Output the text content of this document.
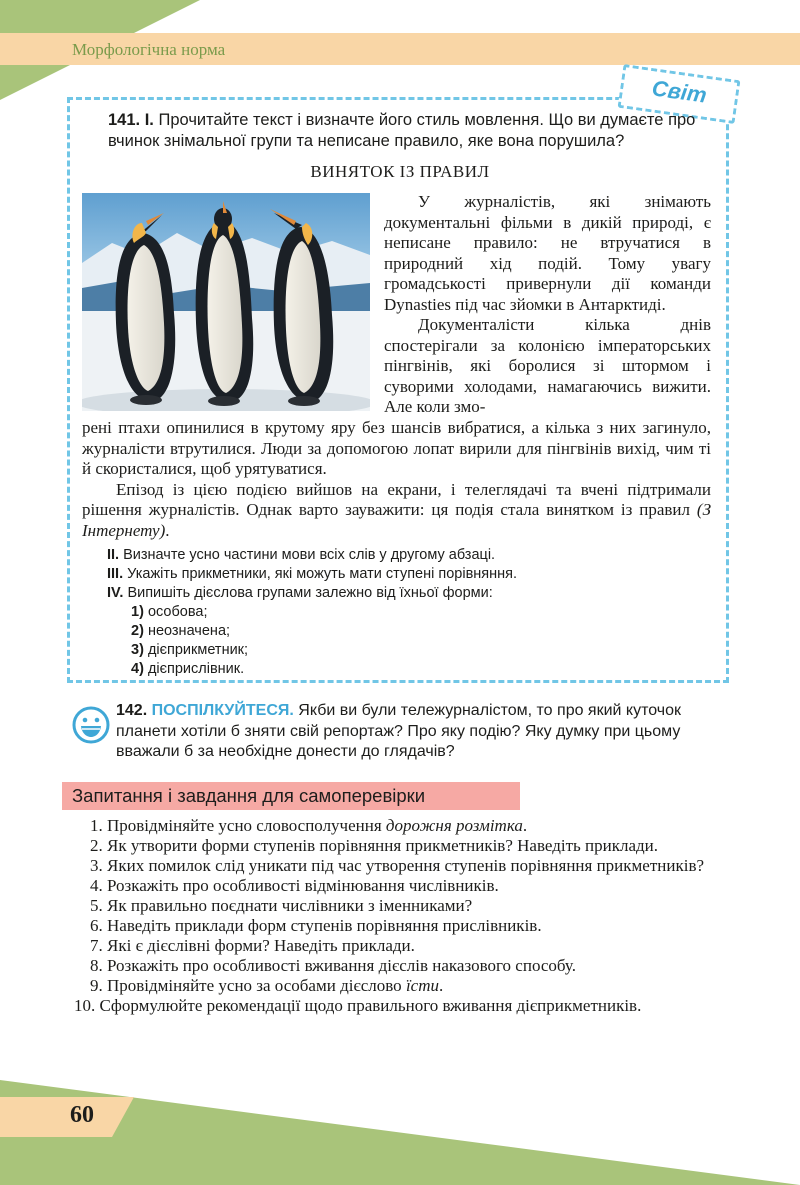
Морфологічна норма
Світ
141. І. Прочитайте текст і визначте його стиль мовлення. Що ви думаєте про вчинок знімальної групи та неписане правило, яке вона порушила?
ВИНЯТОК ІЗ ПРАВИЛ

У журналістів, які знімають документальні фільми в дикій природі, є неписане правило: не втручатися в природний хід подій. Тому увагу громадськості привернули дії команди Dynasties під час зйомки в Антарктиді.

Документалісти кілька днів спостерігали за колонією імператорських пінгвінів, які боролися зі штормом і суворими холодами, намагаючись вижити. Але коли змо-

рені птахи опинилися в крутому яру без шансів вибратися, а кілька з них загинуло, журналісти втрутилися. Люди за допомогою лопат вирили для пінгвінів вихід, чим ті й скористалися, щоб урятуватися.

Епізод із цією подією вийшов на екрани, і телеглядачі та вчені підтримали рішення журналістів. Однак варто зауважити: ця подія стала винятком із правил (З Інтернету).

II. Визначте усно частини мови всіх слів у другому абзаці.
III. Укажіть прикметники, які можуть мати ступені порівняння.
IV. Випишіть дієслова групами залежно від їхньої форми:
1) особова;
2) неозначена;
3) дієприкметник;
4) дієприслівник.
142. ПОСПІЛКУЙТЕСЯ. Якби ви були тележурналістом, то про який куточок планети хотіли б зняти свій репортаж? Про яку подію? Яку думку при цьому вважали б за необхідне донести до глядачів?
Запитання і завдання для самоперевірки

1. Провідміняйте усно словосполучення дорожня розмітка.

2. Як утворити форми ступенів порівняння прикметників? Наведіть приклади.

3. Яких помилок слід уникати під час утворення ступенів порівняння прикметників?

4. Розкажіть про особливості відмінювання числівників.

5. Як правильно поєднати числівники з іменниками?

6. Наведіть приклади форм ступенів порівняння прислівників.

7. Які є дієслівні форми? Наведіть приклади.

8. Розкажіть про особливості вживання дієслів наказового способу.

9. Провідміняйте усно за особами дієслово їсти.

10. Сформулюйте рекомендації щодо правильного вживання дієприкметників.

60
